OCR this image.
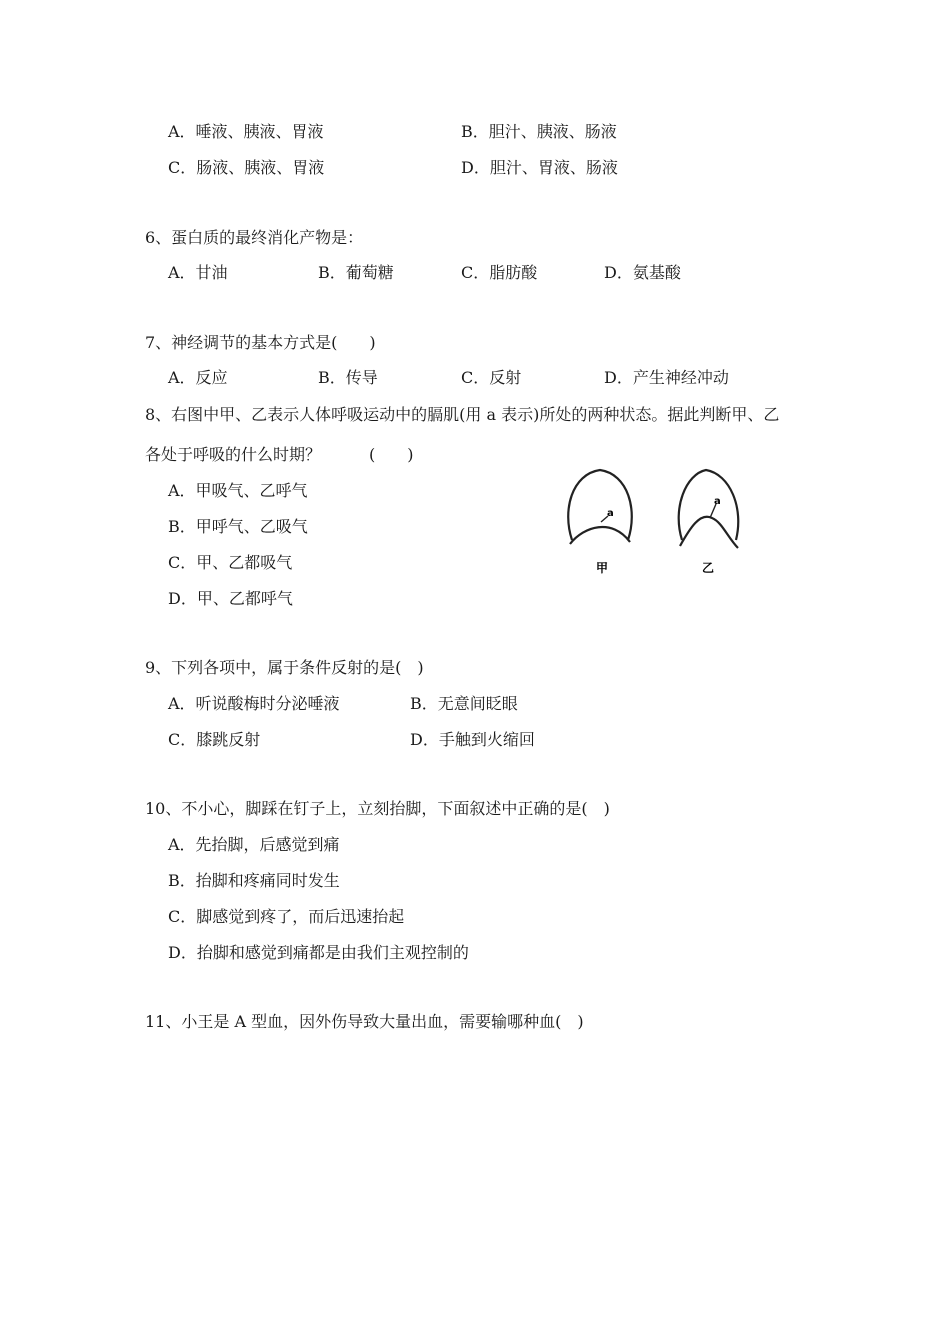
A．唾液、胰液、胃液	B．胆汁、胰液、肠液
C．肠液、胰液、胃液	D．胆汁、胃液、肠液
6、蛋白质的最终消化产物是：
A．甘油	B．葡萄糖	C．脂肪酸	D．氨基酸
7、神经调节的基本方式是(　　)
A．反应	B．传导	C．反射	D．产生神经冲动
8、右图中甲、乙表示人体呼吸运动中的膈肌(用 a 表示)所处的两种状态。据此判断甲、乙
各处于呼吸的什么时期？　　　(　　)
A．甲吸气、乙呼气
B．甲呼气、乙吸气
C．甲、乙都吸气
D．甲、乙都呼气
a
甲
a
乙
9、下列各项中，属于条件反射的是(　)
A．听说酸梅时分泌唾液	B．无意间眨眼
C．膝跳反射	D．手触到火缩回
10、不小心，脚踩在钉子上，立刻抬脚，下面叙述中正确的是(　)
A．先抬脚，后感觉到痛
B．抬脚和疼痛同时发生
C．脚感觉到疼了，而后迅速抬起
D．抬脚和感觉到痛都是由我们主观控制的
11、小王是 A 型血，因外伤导致大量出血，需要输哪种血(　)
